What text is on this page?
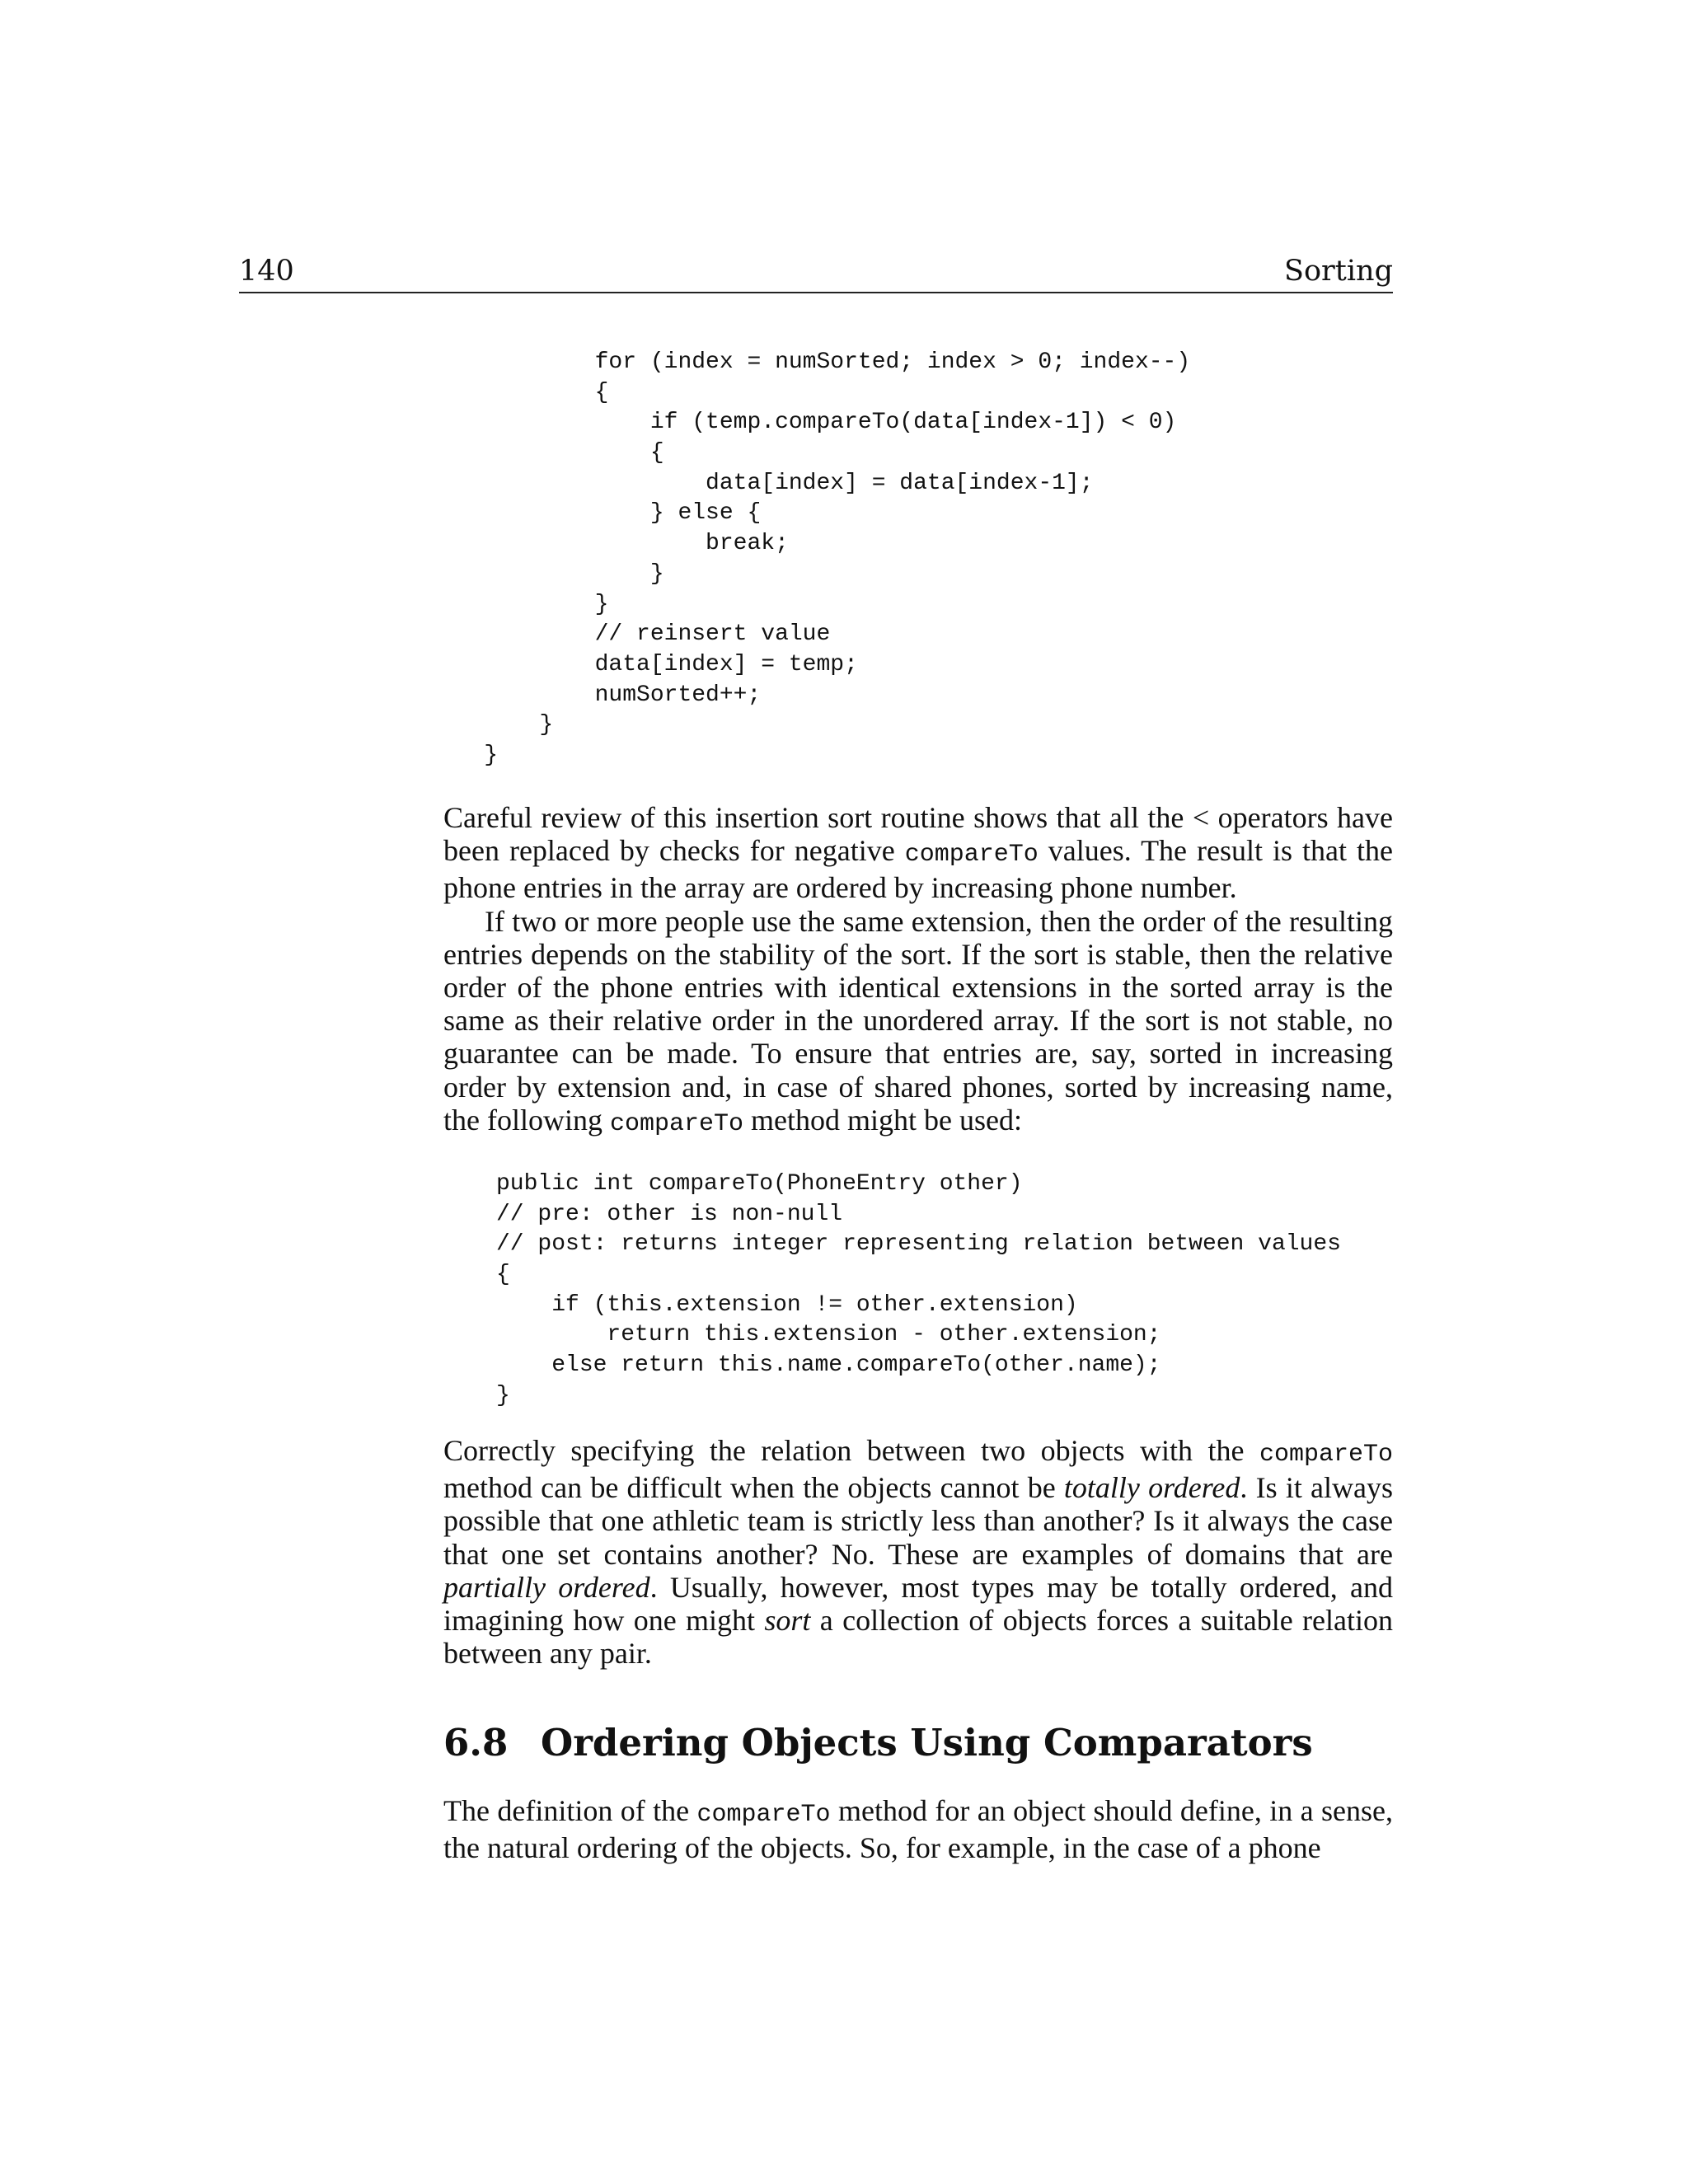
140	Sorting
for (index = numSorted; index > 0; index--)
{
if (temp.compareTo(data[index-1]) < 0)
{
data[index] = data[index-1];
} else {
break;
}
}
// reinsert value
data[index] = temp;
numSorted++;
}
}

Careful review of this insertion sort routine shows that all the < operators have been replaced by checks for negative compareTo values. The result is that the phone entries in the array are ordered by increasing phone number.

If two or more people use the same extension, then the order of the resulting entries depends on the stability of the sort. If the sort is stable, then the relative order of the phone entries with identical extensions in the sorted array is the same as their relative order in the unordered array. If the sort is not stable, no guarantee can be made. To ensure that entries are, say, sorted in increasing order by extension and, in case of shared phones, sorted by increasing name, the following compareTo method might be used:

public int compareTo(PhoneEntry other)
// pre: other is non-null
// post: returns integer representing relation between values
{
if (this.extension != other.extension)
return this.extension - other.extension;
else return this.name.compareTo(other.name);
}

Correctly specifying the relation between two objects with the compareTo method can be difficult when the objects cannot be totally ordered. Is it always possible that one athletic team is strictly less than another? Is it always the case that one set contains another? No. These are examples of domains that are partially ordered. Usually, however, most types may be totally ordered, and imagining how one might sort a collection of objects forces a suitable relation between any pair.

6.8 Ordering Objects Using Comparators

The definition of the compareTo method for an object should define, in a sense, the natural ordering of the objects. So, for example, in the case of a phone
